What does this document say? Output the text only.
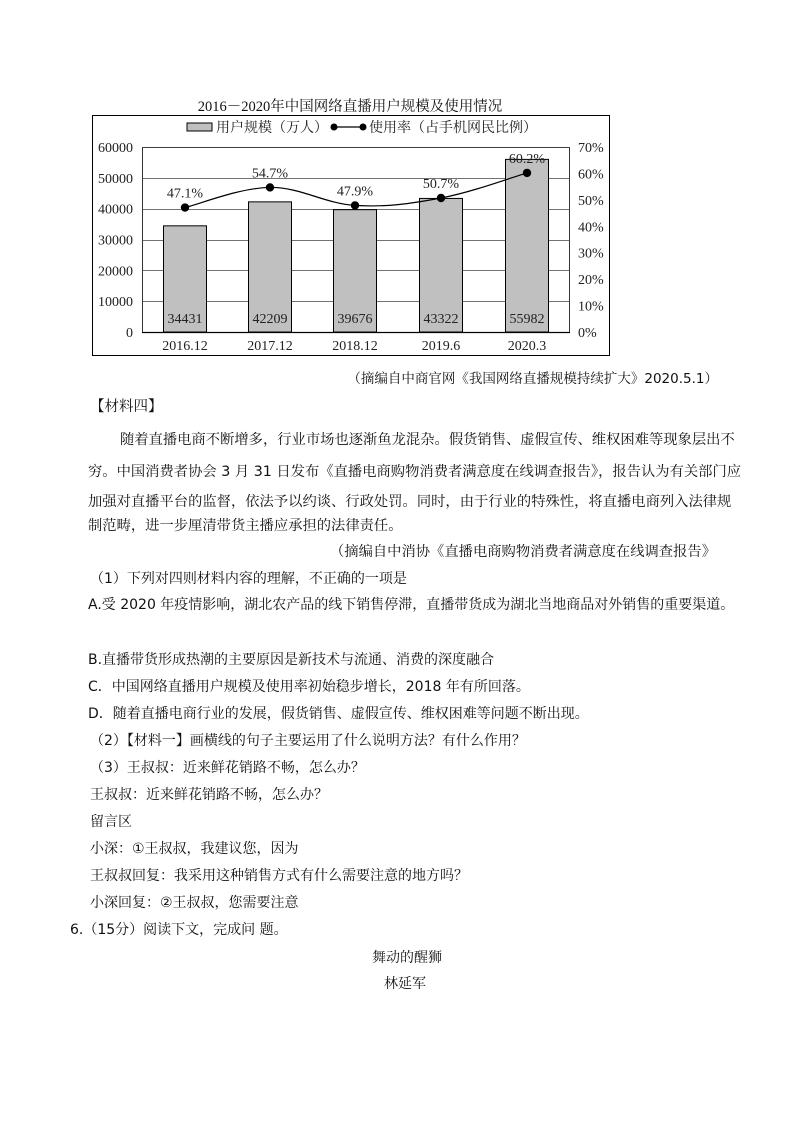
2016－2020年中国网络直播用户规模及使用情况
用户规模（万人）	使用率（占手机网民比例）
34431	42209	39676	43322	55982
0
10000
20000
30000
40000
50000
60000
0%
10%
20%
30%
40%
50%
60%
70%
2016.12	2017.12	2018.12	2019.6	2020.3
47.1%
54.7%
47.9%	50.7%
60.2%
（摘编自中商官网《我国网络直播规模持续扩大》2020.5.1）
【材料四】
随着直播电商不断增多，行业市场也逐渐鱼龙混杂。假货销售、虚假宣传、维权困难等现象层出不
穷。中国消费者协会 3 月 31 日发布《直播电商购物消费者满意度在线调查报告》，报告认为有关部门应
加强对直播平台的监督，依法予以约谈、行政处罚。同时，由于行业的特殊性，将直播电商列入法律规
制范畴，进一步厘清带货主播应承担的法律责任。
（摘编自中消协《直播电商购物消费者满意度在线调查报告》
（1）下列对四则材料内容的理解，不正确的一项是
A.受 2020 年疫情影响，湖北农产品的线下销售停滞，直播带货成为湖北当地商品对外销售的重要渠道。
B.直播带货形成热潮的主要原因是新技术与流通、消费的深度融合
C．中国网络直播用户规模及使用率初始稳步增长，2018 年有所回落。
D．随着直播电商行业的发展，假货销售、虚假宣传、维权困难等问题不断出现。
（2）【材料一】画横线的句子主要运用了什么说明方法？有什么作用？
（3）王叔叔：近来鲜花销路不畅，怎么办？
王叔叔：近来鲜花销路不畅，怎么办？
留言区
小深：①王叔叔，我建议您，因为
王叔叔回复：我采用这种销售方式有什么需要注意的地方吗？
小深回复：②王叔叔，您需要注意
6.（15分）阅读下文，完成问 题。
舞动的醒狮
林延军
